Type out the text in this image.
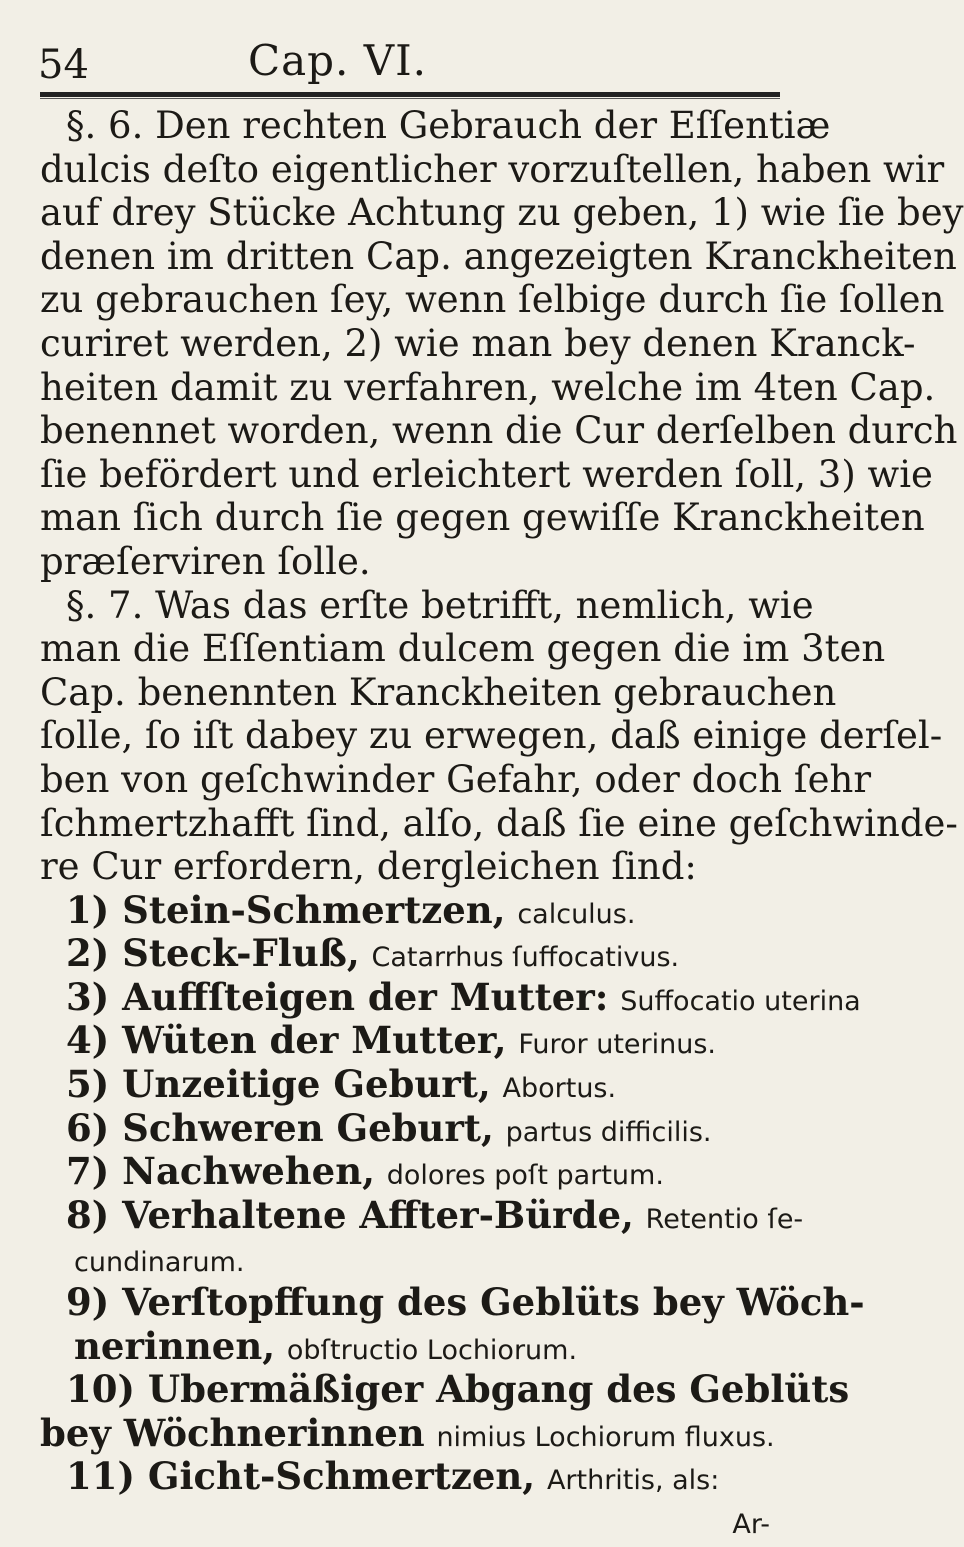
54	Cap. VI.
§. 6. Den rechten Gebrauch der Eſſentiæ
dulcis deſto eigentlicher vorzuſtellen, haben wir
auf drey Stücke Achtung zu geben, 1) wie ſie bey
denen im dritten Cap. angezeigten Kranckheiten
zu gebrauchen ſey, wenn ſelbige durch ſie ſollen
curiret werden, 2) wie man bey denen Kranck-
heiten damit zu verfahren, welche im 4ten Cap.
benennet worden, wenn die Cur derſelben durch
ſie befördert und erleichtert werden ſoll, 3) wie
man ſich durch ſie gegen gewiſſe Kranckheiten
præſerviren ſolle.
§. 7. Was das erſte betrifft, nemlich, wie
man die Eſſentiam dulcem gegen die im 3ten
Cap. benennten Kranckheiten gebrauchen
ſolle, ſo iſt dabey zu erwegen, daß einige derſel-
ben von geſchwinder Gefahr, oder doch ſehr
ſchmertzhafft ſind, alſo, daß ſie eine geſchwinde-
re Cur erfordern, dergleichen ſind:
1) Stein-Schmertzen, calculus.
2) Steck-Fluß, Catarrhus ſuffocativus.
3) Auffſteigen der Mutter: Suffocatio uterina
4) Wüten der Mutter, Furor uterinus.
5) Unzeitige Geburt, Abortus.
6) Schweren Geburt, partus difficilis.
7) Nachwehen, dolores poſt partum.
8) Verhaltene Affter-Bürde, Retentio ſe-
cundinarum.
9) Verſtopffung des Geblüts bey Wöch-
nerinnen, obſtructio Lochiorum.
10) Ubermäßiger Abgang des Geblüts
bey Wöchnerinnen nimius Lochiorum fluxus.
11) Gicht-Schmertzen, Arthritis, als:
Ar-
